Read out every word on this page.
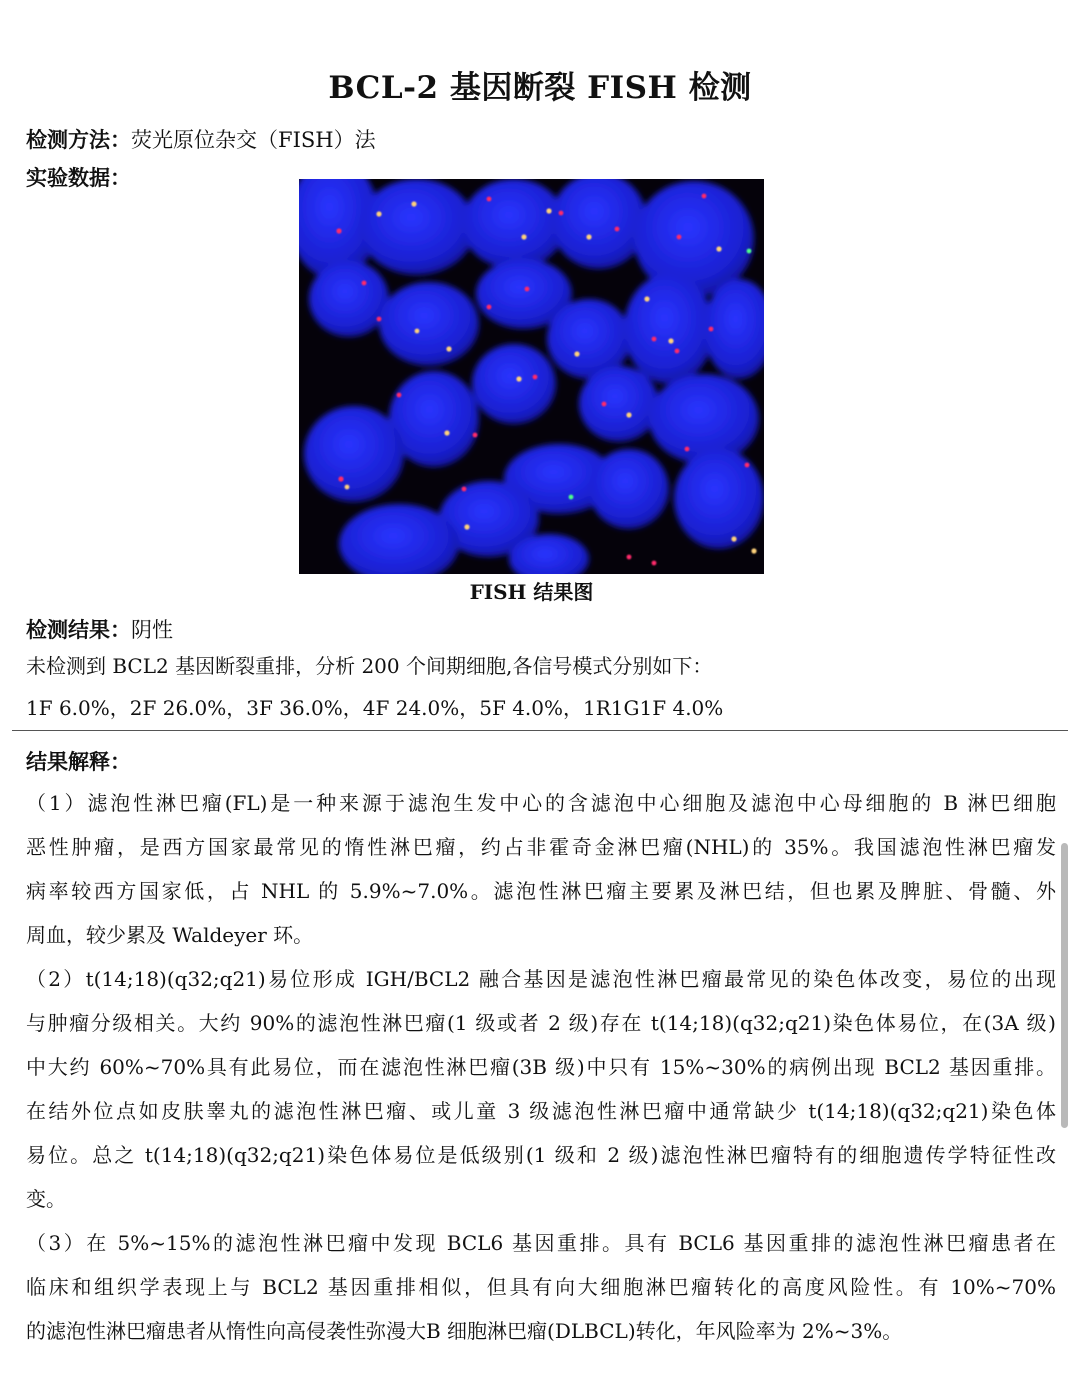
BCL-2 基因断裂 FISH 检测
检测方法：荧光原位杂交（FISH）法
实验数据：
FISH 结果图
检测结果：阴性
未检测到 BCL2 基因断裂重排，分析 200 个间期细胞,各信号模式分别如下：
1F 6.0%，2F 26.0%，3F 36.0%，4F 24.0%，5F 4.0%，1R1G1F 4.0%
结果解释：
（1）滤泡性淋巴瘤(FL)是一种来源于滤泡生发中心的含滤泡中心细胞及滤泡中心母细胞的 B 淋巴细胞
恶性肿瘤，是西方国家最常见的惰性淋巴瘤，约占非霍奇金淋巴瘤(NHL)的 35%。我国滤泡性淋巴瘤发
病率较西方国家低，占 NHL 的 5.9%~7.0%。滤泡性淋巴瘤主要累及淋巴结，但也累及脾脏、骨髓、外
周血，较少累及 Waldeyer 环。
（2）t(14;18)(q32;q21)易位形成 IGH/BCL2 融合基因是滤泡性淋巴瘤最常见的染色体改变，易位的出现
与肿瘤分级相关。大约 90%的滤泡性淋巴瘤(1 级或者 2 级)存在 t(14;18)(q32;q21)染色体易位，在(3A 级)
中大约 60%~70%具有此易位，而在滤泡性淋巴瘤(3B 级)中只有 15%~30%的病例出现 BCL2 基因重排。
在结外位点如皮肤睾丸的滤泡性淋巴瘤、或儿童 3 级滤泡性淋巴瘤中通常缺少 t(14;18)(q32;q21)染色体
易位。总之 t(14;18)(q32;q21)染色体易位是低级别(1 级和 2 级)滤泡性淋巴瘤特有的细胞遗传学特征性改
变。
（3）在 5%~15%的滤泡性淋巴瘤中发现 BCL6 基因重排。具有 BCL6 基因重排的滤泡性淋巴瘤患者在
临床和组织学表现上与 BCL2 基因重排相似，但具有向大细胞淋巴瘤转化的高度风险性。有 10%~70%
的滤泡性淋巴瘤患者从惰性向高侵袭性弥漫大B 细胞淋巴瘤(DLBCL)转化，年风险率为 2%~3%。
